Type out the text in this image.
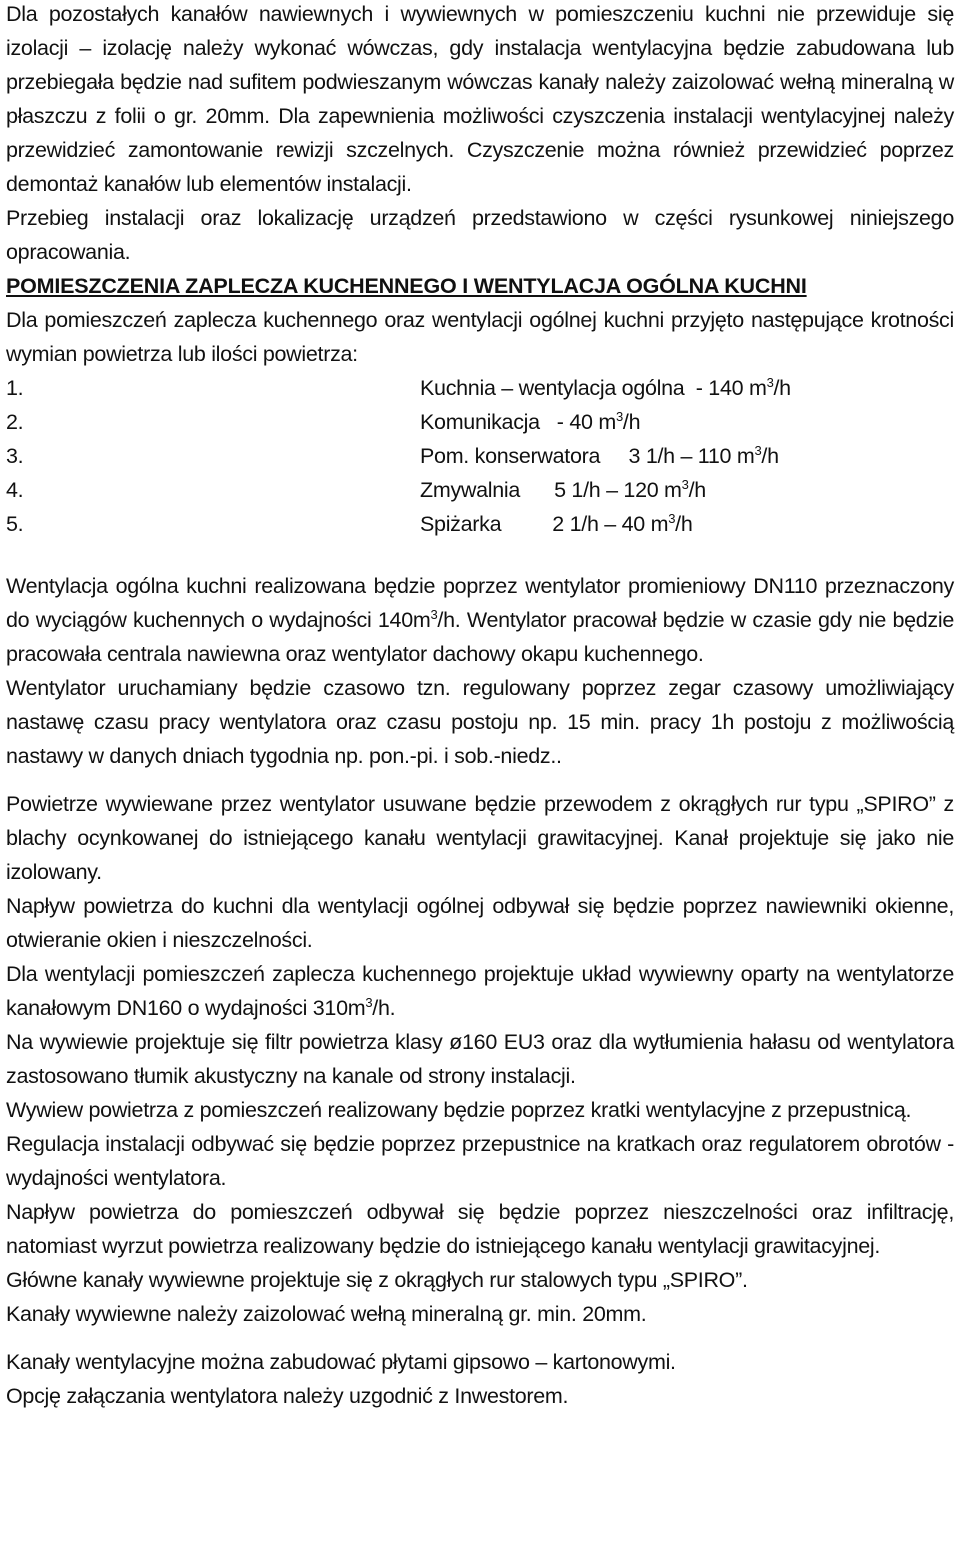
Dla pozostałych kanałów nawiewnych i wywiewnych w pomieszczeniu kuchni nie przewiduje się izolacji – izolację należy wykonać wówczas, gdy instalacja wentylacyjna będzie zabudowana lub przebiegała będzie nad sufitem podwieszanym wówczas kanały należy zaizolować wełną mineralną w płaszczu z folii o gr. 20mm. Dla zapewnienia możliwości czyszczenia instalacji wentylacyjnej należy przewidzieć zamontowanie rewizji szczelnych. Czyszczenie można również przewidzieć poprzez demontaż kanałów lub elementów instalacji.

Przebieg instalacji oraz lokalizację urządzeń przedstawiono w części rysunkowej niniejszego opracowania.

POMIESZCZENIA ZAPLECZA KUCHENNEGO I WENTYLACJA OGÓLNA KUCHNI

Dla pomieszczeń zaplecza kuchennego oraz wentylacji ogólnej kuchni przyjęto następujące krotności wymian powietrza lub ilości powietrza:

1.	Kuchnia – wentylacja ogólna  - 140 $m^3/h$
2.	Komunikacja   - 40 $m^3/h$
3.	Pom. konserwatora     3 1/h – 110 $m^3/h$
4.	Zmywalnia      5 1/h – 120 $m^3/h$
5.	Spiżarka         2 1/h – 40 $m^3/h$

Wentylacja ogólna kuchni realizowana będzie poprzez wentylator promieniowy DN110 przeznaczony do wyciągów kuchennych o wydajności $140m^3/h$. Wentylator pracował będzie w czasie gdy nie będzie pracowała centrala nawiewna oraz wentylator dachowy okapu kuchennego.

Wentylator uruchamiany będzie czasowo tzn. regulowany poprzez zegar czasowy umożliwiający nastawę czasu pracy wentylatora oraz czasu postoju np. 15 min. pracy 1h postoju z możliwością nastawy w danych dniach tygodnia np. pon.-pi. i sob.-niedz..

Powietrze wywiewane przez wentylator usuwane będzie przewodem z okrągłych rur typu „SPIRO” z blachy ocynkowanej do istniejącego kanału wentylacji grawitacyjnej. Kanał projektuje się jako nie izolowany.

Napływ powietrza do kuchni dla wentylacji ogólnej odbywał się będzie poprzez nawiewniki okienne, otwieranie okien i nieszczelności.

Dla wentylacji pomieszczeń zaplecza kuchennego projektuje układ wywiewny oparty na wentylatorze kanałowym DN160 o wydajności $310m^3/h$.

Na wywiewie projektuje się filtr powietrza klasy ø160 EU3 oraz dla wytłumienia hałasu od wentylatora zastosowano tłumik akustyczny na kanale od strony instalacji.

Wywiew powietrza z pomieszczeń realizowany będzie poprzez kratki wentylacyjne z przepustnicą.

Regulacja instalacji odbywać się będzie poprzez przepustnice na kratkach oraz regulatorem obrotów - wydajności wentylatora.

Napływ powietrza do pomieszczeń odbywał się będzie poprzez nieszczelności oraz infiltrację, natomiast wyrzut powietrza realizowany będzie do istniejącego kanału wentylacji grawitacyjnej.

Główne kanały wywiewne projektuje się z okrągłych rur stalowych typu „SPIRO”.

Kanały wywiewne należy zaizolować wełną mineralną gr. min. 20mm.

Kanały wentylacyjne można zabudować płytami gipsowo – kartonowymi.

Opcję załączania wentylatora należy uzgodnić z Inwestorem.
